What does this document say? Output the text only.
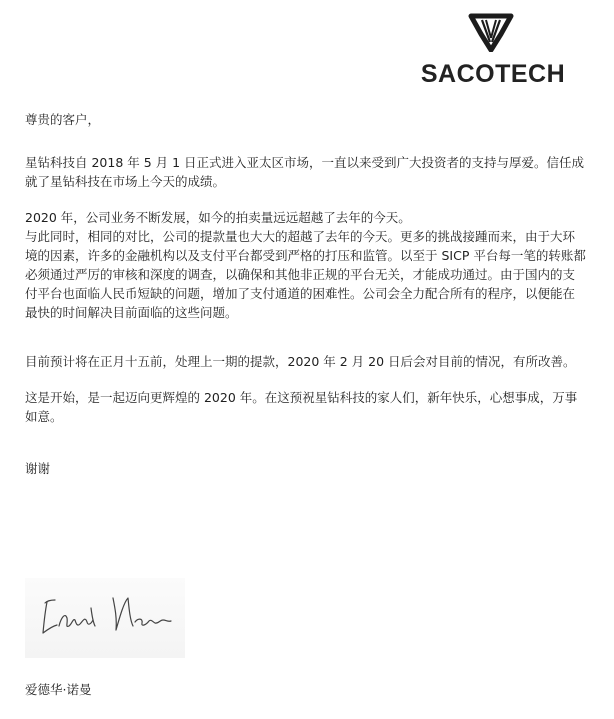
SACOTECH

尊贵的客户，

星钻科技自 2018 年 5 月 1 日正式进入亚太区市场，一直以来受到广大投资者的支持与厚爱。信任成就了星钻科技在市场上今天的成绩。

2020 年，公司业务不断发展，如今的拍卖量远远超越了去年的今天。

与此同时，相同的对比，公司的提款量也大大的超越了去年的今天。更多的挑战接踵而来，由于大环境的因素，许多的金融机构以及支付平台都受到严格的打压和监管。以至于 SICP 平台每一笔的转账都必须通过严厉的审核和深度的调查，以确保和其他非正规的平台无关，才能成功通过。由于国内的支付平台也面临人民币短缺的问题，增加了支付通道的困难性。公司会全力配合所有的程序，以便能在最快的时间解决目前面临的这些问题。

目前预计将在正月十五前，处理上一期的提款，2020 年 2 月 20 日后会对目前的情况，有所改善。

这是开始，是一起迈向更辉煌的 2020 年。在这预祝星钻科技的家人们，新年快乐，心想事成，万事如意。

谢谢

爱德华·诺曼
